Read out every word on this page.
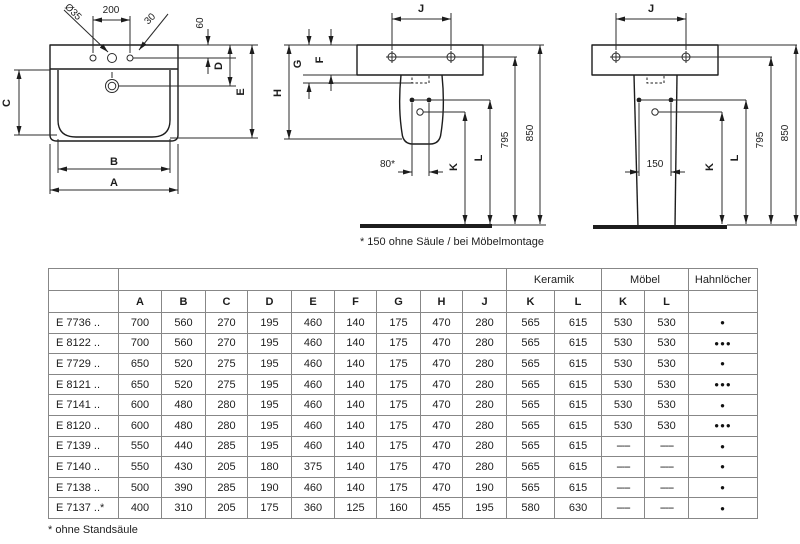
Ø35	30
200
60
D
E
C
B
A
J
G F
H
80*	K
L
795 850
* 150 ohne Säule / bei Möbelmontage
J
150	K
L
795 850
										Keramik		Möbel		Hahnlöcher
	A	B	C	D	E	F	G	H	J	K	L	K	L	
E 7736 ..	700	560	270	195	460	140	175	470	280	565	615	530	530	●
E 8122 ..	700	560	270	195	460	140	175	470	280	565	615	530	530	●●●
E 7729 ..	650	520	275	195	460	140	175	470	280	565	615	530	530	●
E 8121 ..	650	520	275	195	460	140	175	470	280	565	615	530	530	●●●
E 7141 ..	600	480	280	195	460	140	175	470	280	565	615	530	530	●
E 8120 ..	600	480	280	195	460	140	175	470	280	565	615	530	530	●●●
E 7139 ..	550	440	285	195	460	140	175	470	280	565	615	-----	-----	●
E 7140 ..	550	430	205	180	375	140	175	470	280	565	615	-----	-----	●
E 7138 ..	500	390	285	190	460	140	175	470	190	565	615	-----	-----	●
E 7137 ..*	400	310	205	175	360	125	160	455	195	580	630	-----	-----	●
* ohne Standsäule
